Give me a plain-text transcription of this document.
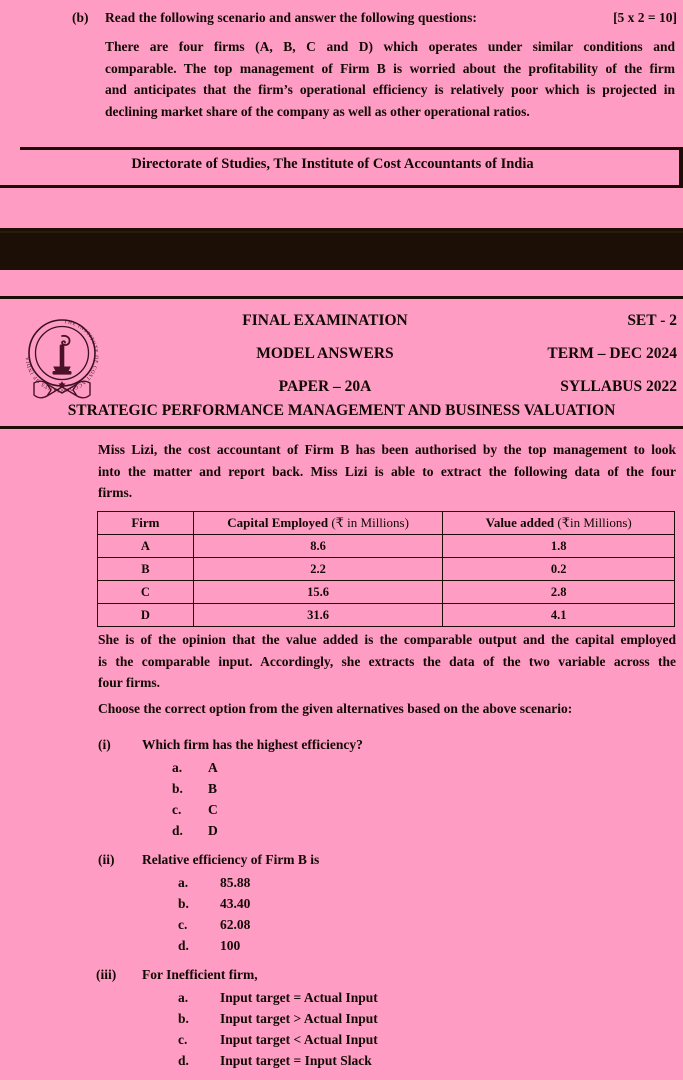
(b) Read the following scenario and answer the following questions:	[5 x 2 = 10]
There are four firms (A, B, C and D) which operates under similar conditions and
comparable. The top management of Firm B is worried about the profitability of the firm
and anticipates that the firm’s operational efficiency is relatively poor which is projected in
declining market share of the company as well as other operational ratios.
Directorate of Studies, The Institute of Cost Accountants of India
THE INSTITUTE OF COST ACCOUNTANTS OF INDIA
FINAL EXAMINATION
MODEL ANSWERS
PAPER – 20A
SET - 2
TERM – DEC 2024
SYLLABUS 2022
STRATEGIC PERFORMANCE MANAGEMENT AND BUSINESS VALUATION
Miss Lizi, the cost accountant of Firm B has been authorised by the top management to look
into the matter and report back. Miss Lizi is able to extract the following data of the four
firms.
Firm	Capital Employed (₹ in Millions)	Value added (₹in Millions)
A	8.6	1.8
B	2.2	0.2
C	15.6	2.8
D	31.6	4.1
She is of the opinion that the value added is the comparable output and the capital employed
is the comparable input. Accordingly, she extracts the data of the two variable across the
four firms.
Choose the correct option from the given alternatives based on the above scenario:
(i) Which firm has the highest efficiency?
a. A
b. B
c. C
d. D
(ii) Relative efficiency of Firm B is
a. 85.88
b. 43.40
c. 62.08
d. 100
(iii) For Inefficient firm,
a. Input target = Actual Input
b. Input target > Actual Input
c. Input target < Actual Input
d. Input target = Input Slack
